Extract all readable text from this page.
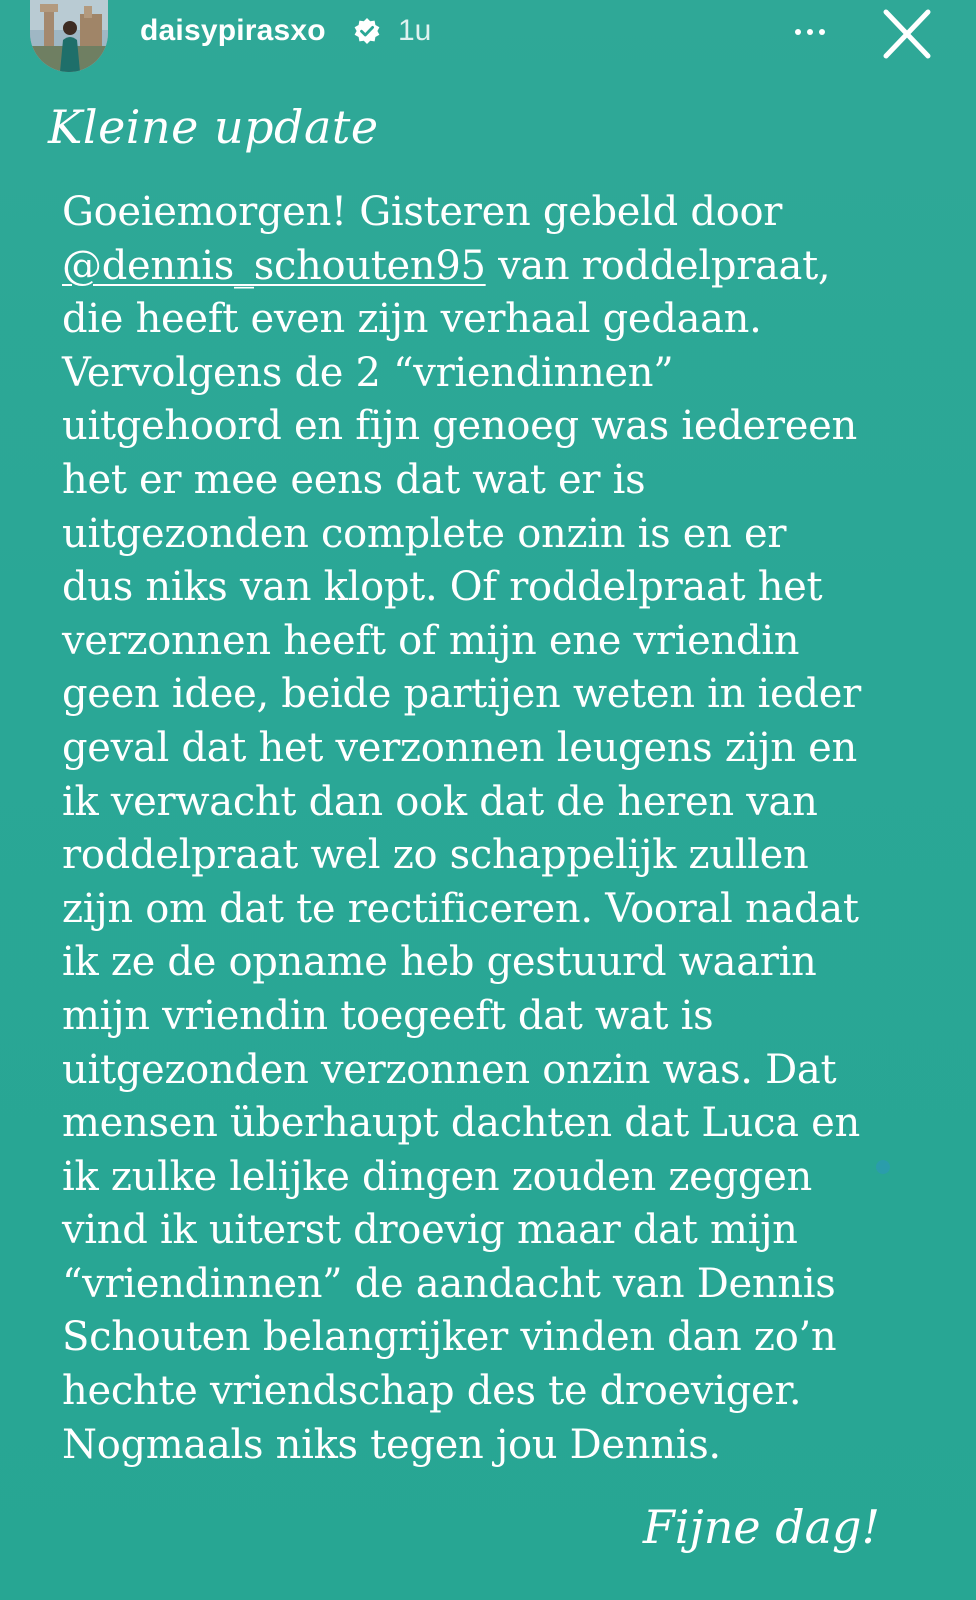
daisypirasxo 1u
Kleine update
Goeiemorgen! Gisteren gebeld door
@dennis_schouten95 van roddelpraat,
die heeft even zijn verhaal gedaan.
Vervolgens de 2 “vriendinnen”
uitgehoord en fijn genoeg was iedereen
het er mee eens dat wat er is
uitgezonden complete onzin is en er
dus niks van klopt. Of roddelpraat het
verzonnen heeft of mijn ene vriendin
geen idee, beide partijen weten in ieder
geval dat het verzonnen leugens zijn en
ik verwacht dan ook dat de heren van
roddelpraat wel zo schappelijk zullen
zijn om dat te rectificeren. Vooral nadat
ik ze de opname heb gestuurd waarin
mijn vriendin toegeeft dat wat is
uitgezonden verzonnen onzin was. Dat
mensen überhaupt dachten dat Luca en
ik zulke lelijke dingen zouden zeggen
vind ik uiterst droevig maar dat mijn
“vriendinnen” de aandacht van Dennis
Schouten belangrijker vinden dan zo’n
hechte vriendschap des te droeviger.
Nogmaals niks tegen jou Dennis.
Fijne dag!
